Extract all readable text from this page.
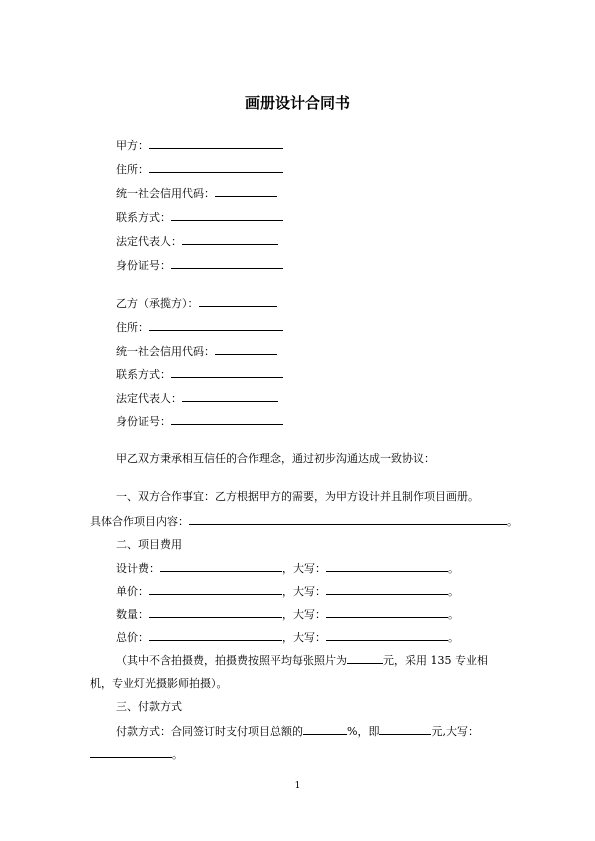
画册设计合同书
甲方：
住所：
统一社会信用代码：
联系方式：
法定代表人：
身份证号：
乙方（承揽方）：
住所：
统一社会信用代码：
联系方式：
法定代表人：
身份证号：
甲乙双方秉承相互信任的合作理念，通过初步沟通达成一致协议：
一、双方合作事宜：乙方根据甲方的需要，为甲方设计并且制作项目画册。
具体合作项目内容：	。
二、项目费用
设计费：	，大写：	。
单价：	，大写：	。
数量：	，大写：	。
总价：	，大写：	。
（其中不含拍摄费，拍摄费按照平均每张照片为	元，采用 135 专业相
机，专业灯光摄影师拍摄）。
三、付款方式
付款方式：合同签订时支付项目总额的	%，即	元,大写：
。
1
